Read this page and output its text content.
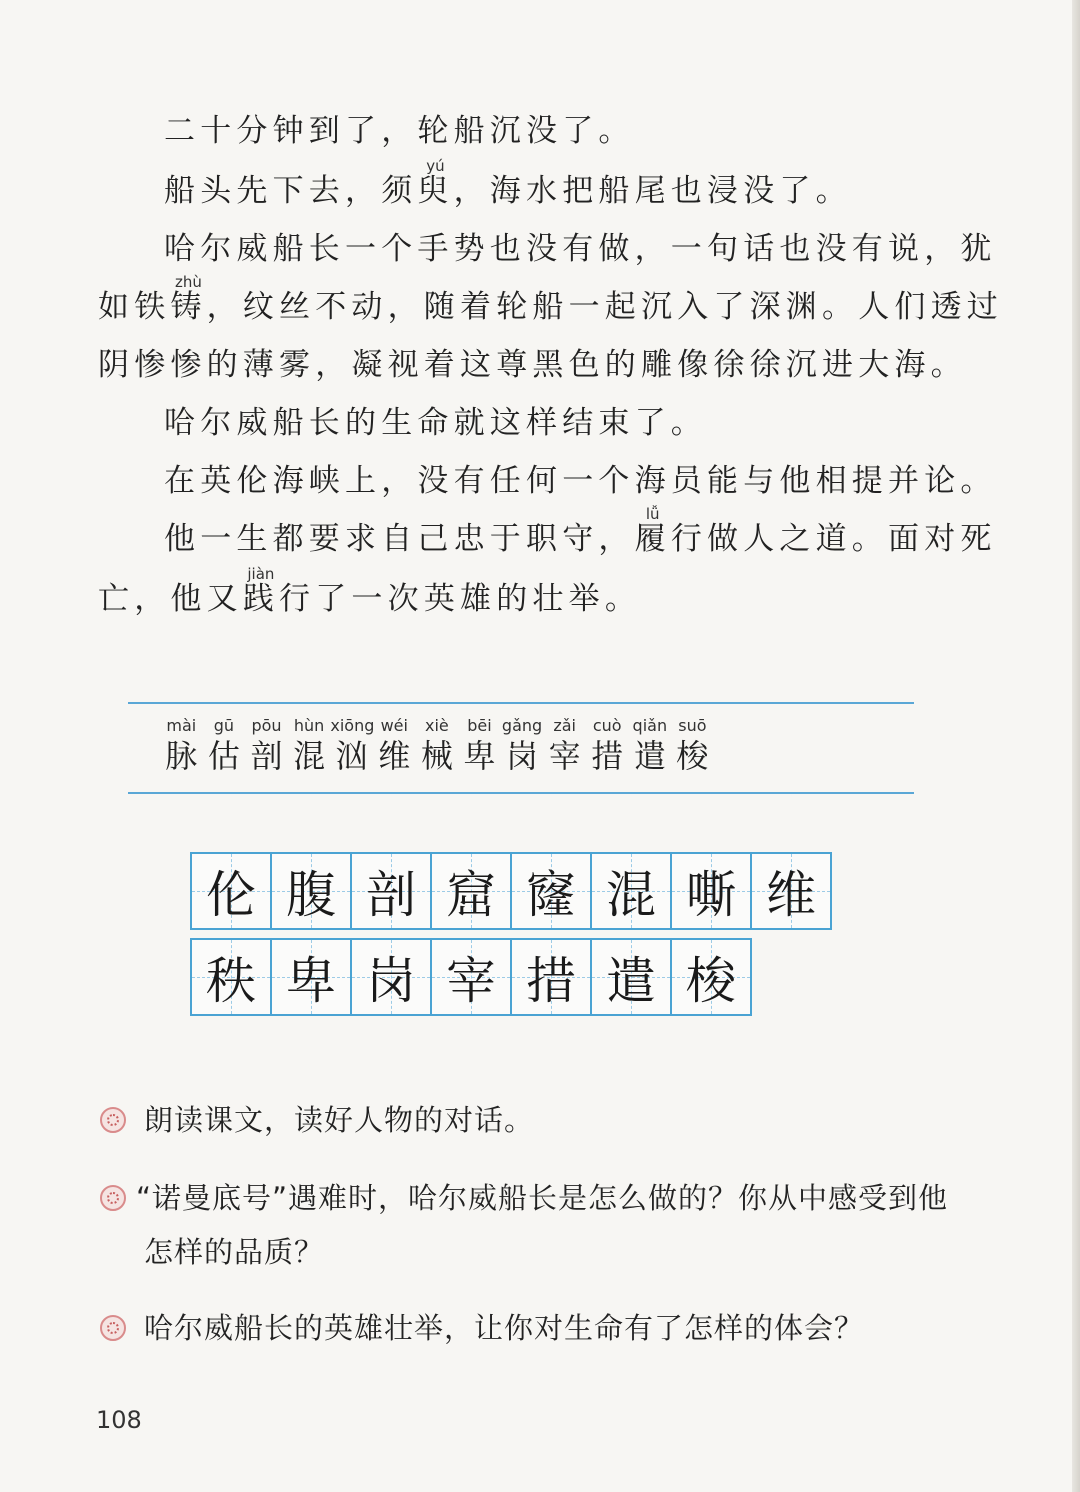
二十分钟到了，轮船沉没了。
船头先下去，须
yú
臾，海水把船尾也浸没了。
哈尔威船长一个手势也没有做，一句话也没有说，犹
如铁
zhù
铸，纹丝不动，随着轮船一起沉入了深渊。人们透过
阴惨惨的薄雾，凝视着这尊黑色的雕像徐徐沉进大海。
哈尔威船长的生命就这样结束了。
在英伦海峡上，没有任何一个海员能与他相提并论。
他一生都要求自己忠于职守，
lǚ
履行做人之道。面对死
亡，他又
jiàn
践行了一次英雄的壮举。
mài
脉
gū
估
pōu
剖
hùn
混
xiōng
汹
wéi
维
xiè
械
bēi
卑
gǎng
岗
zǎi
宰
cuò
措
qiǎn
遣
suō
梭
伦 腹 剖 窟 窿 混 嘶 维
秩 卑 岗 宰 措 遣 梭
朗读课文，读好人物的对话。
“诺曼底号”遇难时，哈尔威船长是怎么做的？你从中感受到他
怎样的品质？
哈尔威船长的英雄壮举，让你对生命有了怎样的体会？
108
